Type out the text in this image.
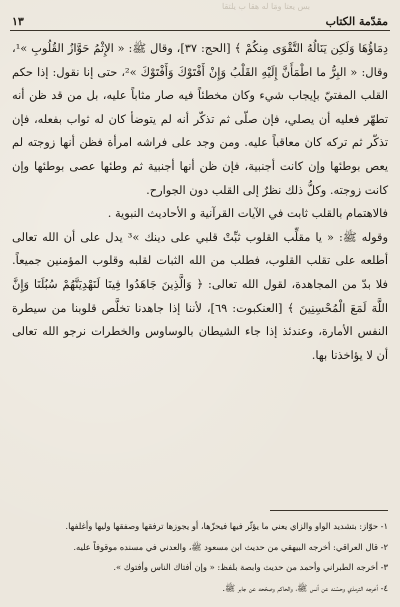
بس يعتا ومَا له هقا ب يلتقا
مقدّمة الكتاب
١٣

دِمَاؤُهَا وَلَكِن يَنَالُهُ التَّقْوَى مِنكُمْ ﴾ [الحج: ٣٧]، وقال ﷺ: « الإِثْمُ حَوَّازُ القُلُوبِ »¹، وقال: « البِرُّ ما اطْمَأَنَّ إِلَيْهِ القَلْبُ وَإِنْ أَفْتَوْكَ وَأَفْتَوْكَ »²، حتى إنا نقول: إذا حكم القلب المفتيّ بإيجاب شيء وكان مخطئاً فيه صار مثاباً عليه، بل من قد ظن أنه تطهّر فعليه أن يصلي، فإن صلّى ثم تذكّر أنه لم يتوضأ كان له ثواب بفعله، فإن تذكّر ثم تركه كان معاقباً عليه. ومن وجد على فراشه امرأة فظن أنها زوجته لم يعص بوطئها وإن كانت أجنبية، فإن ظن أنها أجنبية ثم وطئها عصى بوطئها وإن كانت زوجته. وكلُّ ذلك نظرٌ إلى القلب دون الجوارح.

فالاهتمام بالقلب ثابت في الآيات القرآنية و الأحاديث النبوية .

وقوله ﷺ: « يا مقلِّب القلوب ثبِّتْ قلبي على دينك »³ يدل على أن الله تعالى أطلعه على تقلب القلوب، فطلب من الله الثبات لقلبه وقلوب المؤمنين جميعاً. فلا بدّ من المجاهدة، لقول الله تعالى: ﴿ وَالَّذِينَ جَاهَدُوا فِينَا لَنَهْدِيَنَّهُمْ سُبُلَنَا وَإِنَّ اللَّهَ لَمَعَ الْمُحْسِنِينَ ﴾ [العنكبوت: ٦٩]، لأننا إذا جاهدنا تخلَّص قلوبنا من سيطرة النفس الأمارة، وعندئذ إذا جاء الشيطان بالوساوس والخطرات نرجو الله تعالى أن لا يؤاخذنا بها.

١- حوّاز: بتشديد الواو والزاي يعني ما يؤثّر فيها فيحزّها، أو يجوزها ترفقها وصفقها وليها وأغلفها.

٢- قال العراقي: أخرجه البيهقي من حديث ابن مسعود ﷺ، والعدني في مسنده موقوفاً عليه.

٣- أخرجه الطبراني وأحمد من حديث وابصة بلفظ: « وإن أفتاك الناس وأفتوك ».

٤- أخرجه الترمذي وحسّنه عن أنس ﷺ، والحاكم وصحّحه عن جابر ﷺ.
